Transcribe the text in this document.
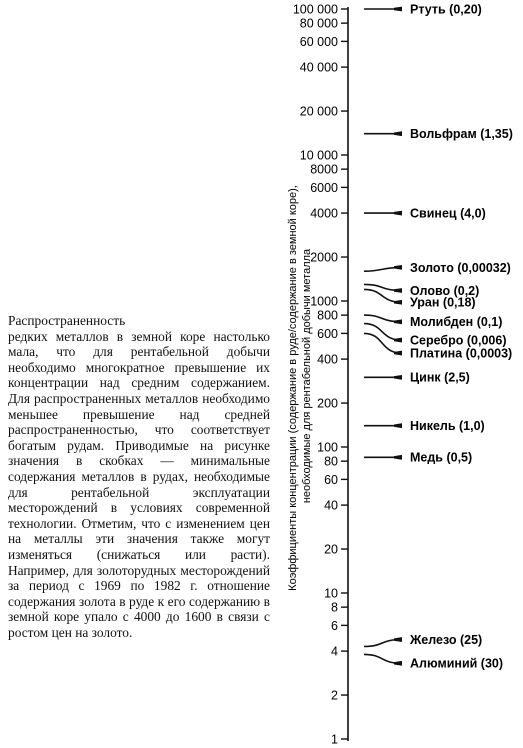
Распространенность
редких металлов в земной коре настолько мала, что для рентабельной добычи необходимо многократное превышение их концентрации над средним содержанием. Для распространенных металлов необходимо меньшее превышение над средней распространенностью, что соответствует богатым рудам. Приводимые на рисунке значения в скобках — минимальные содержания металлов в рудах, необходимые для рентабельной эксплуатации месторождений в условиях современной технологии. Отметим, что с изменением цен на металлы эти значения также могут изменяться (снижаться или расти). Например, для золоторудных месторождений за период с 1969 по 1982 г. отношение содержания золота в руде к его содержанию в земной коре упало с 4000 до 1600 в связи с ростом цен на золото.
Коэффициенты концентрации (содержание в руде/содержание в земной коре), необходимые для рентабельной добычи металла
1
2
4
6
8
10
20
40
60
80
100
200
400
600
800
1000
2000
4000
6000
8000
10 000
20 000
40 000
60 000
80 000
100 000	Ртуть (0,20)
Вольфрам (1,35)
Свинец (4,0)
Золото (0,00032)
Олово (0,2)
Уран (0,18)
Молибден (0,1)
Серебро (0,006)
Платина (0,0003)
Цинк (2,5)
Никель (1,0)
Медь (0,5)
Железо (25)
Алюминий (30)
